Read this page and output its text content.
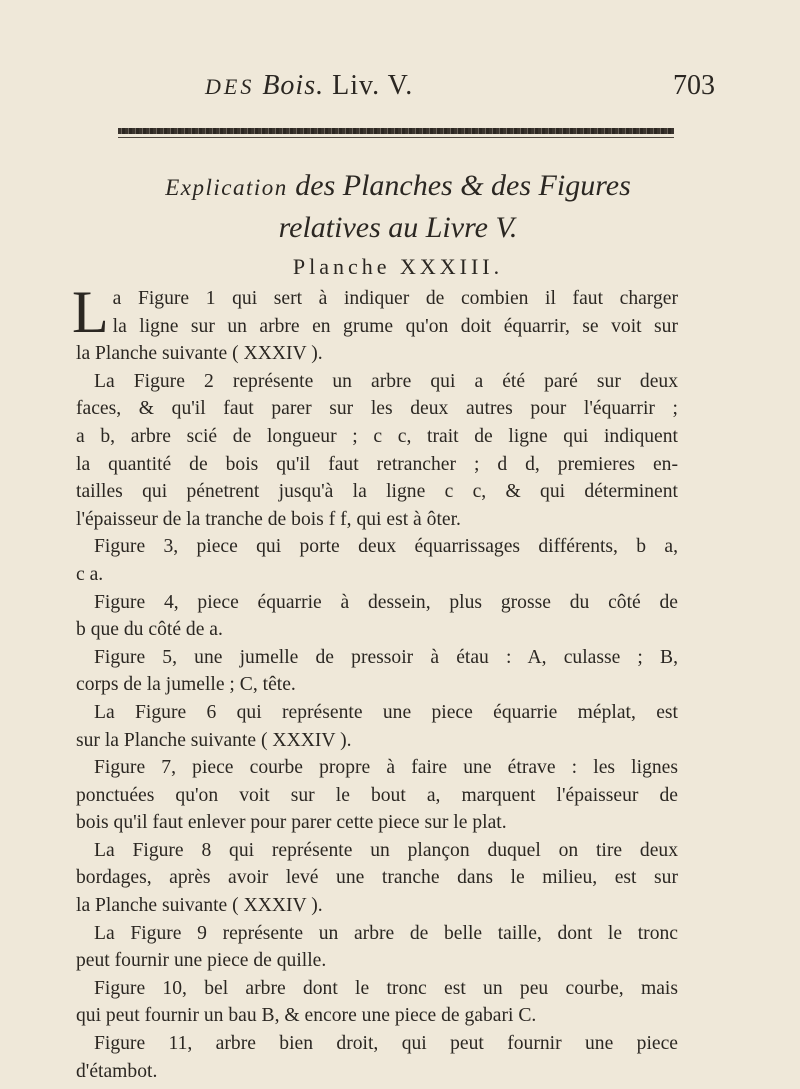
DES Bois. Liv. V.	703
Explication des Planches & des Figures
relatives au Livre V.
Planche XXXIII.

L a Figure 1 qui sert à indiquer de combien il faut charger
la ligne sur un arbre en grume qu'on doit équarrir, se voit sur
la Planche suivante ( XXXIV ).

La Figure 2 représente un arbre qui a été paré sur deux
faces, & qu'il faut parer sur les deux autres pour l'équarrir ;
a b, arbre scié de longueur ; c c, trait de ligne qui indiquent
la quantité de bois qu'il faut retrancher ; d d, premieres en-
tailles qui pénetrent jusqu'à la ligne c c, & qui déterminent
l'épaisseur de la tranche de bois f f, qui est à ôter.

Figure 3, piece qui porte deux équarrissages différents, b a,
c a.

Figure 4, piece équarrie à dessein, plus grosse du côté de
b que du côté de a.

Figure 5, une jumelle de pressoir à étau : A, culasse ; B,
corps de la jumelle ; C, tête.

La Figure 6 qui représente une piece équarrie méplat, est
sur la Planche suivante ( XXXIV ).

Figure 7, piece courbe propre à faire une étrave : les lignes
ponctuées qu'on voit sur le bout a, marquent l'épaisseur de
bois qu'il faut enlever pour parer cette piece sur le plat.

La Figure 8 qui représente un plançon duquel on tire deux
bordages, après avoir levé une tranche dans le milieu, est sur
la Planche suivante ( XXXIV ).

La Figure 9 représente un arbre de belle taille, dont le tronc
peut fournir une piece de quille.

Figure 10, bel arbre dont le tronc est un peu courbe, mais
qui peut fournir un bau B, & encore une piece de gabari C.

Figure 11, arbre bien droit, qui peut fournir une piece
d'étambot.
